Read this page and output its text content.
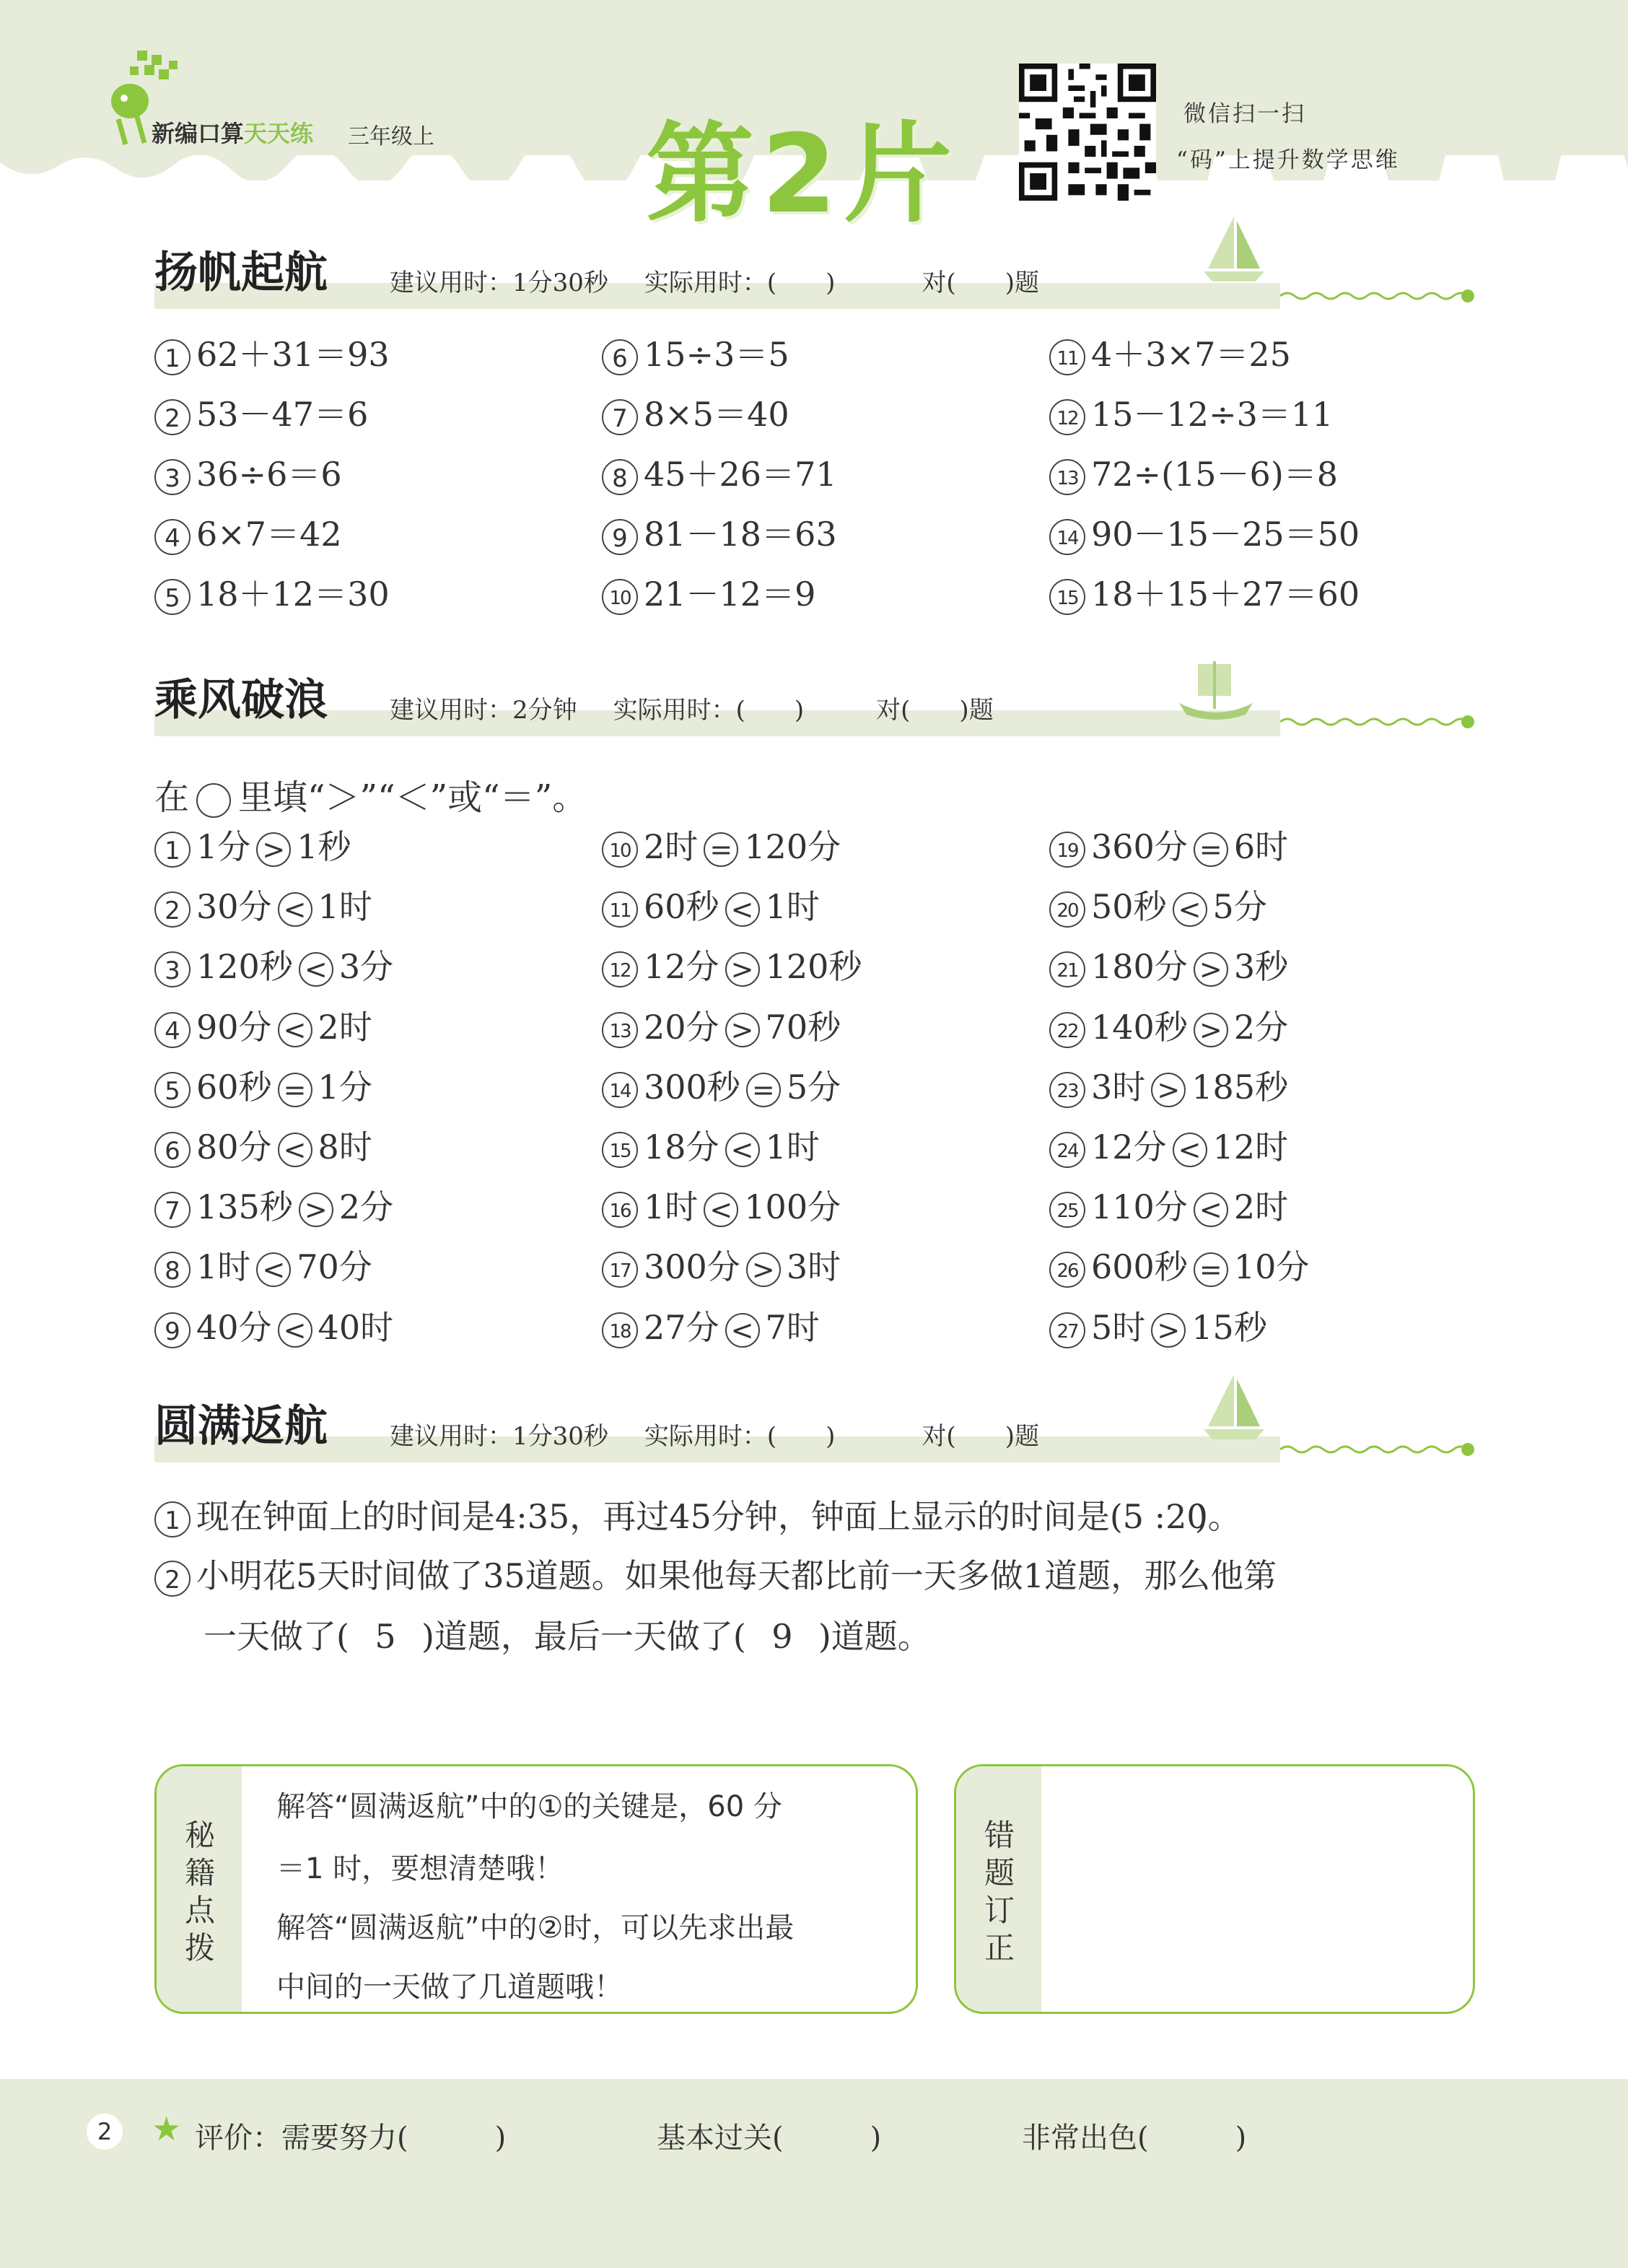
新编口算天天练 三年级上 第2片	微信扫一扫
“码”上提升数学思维
扬帆起航	建议用时：1分30秒 实际用时：(　　)	对(　　)题
1 62＋31＝93
2 53－47＝6
3 36÷6＝6
4 6×7＝42
5 18＋12＝30
6 15÷3＝5
7 8×5＝40
8 45＋26＝71
9 81－18＝63
10 21－12＝9
11 4＋3×7＝25
12 15－12÷3＝11
13 72÷(15－6)＝8
14 90－15－25＝50
15 18＋15＋27＝60
乘风破浪	建议用时：2分钟 实际用时：(　　)	对(　　)题
在 里填“＞”“＜”或“＝”。
1 1分 > 1秒
2 30分 < 1时
3 120秒 < 3分
4 90分 < 2时
5 60秒 = 1分
6 80分 < 8时
7 135秒 > 2分
8 1时 < 70分
9 40分 < 40时
10 2时 = 120分
11 60秒 < 1时
12 12分 > 120秒
13 20分 > 70秒
14 300秒 = 5分
15 18分 < 1时
16 1时 < 100分
17 300分 > 3时
18 27分 < 7时
19 360分 = 6时
20 50秒 < 5分
21 180分 > 3秒
22 140秒 > 2分
23 3时 > 185秒
24 12分 < 12时
25 110分 < 2时
26 600秒 = 10分
27 5时 > 15秒
圆满返航	建议用时：1分30秒 实际用时：(　　)	对(　　)题
1 现在钟面上的时间是4:35，再过45分钟，钟面上显示的时间是(5 :20)。
2 小明花5天时间做了35道题。如果他每天都比前一天多做1道题，那么他第
一天做了( 5 )道题，最后一天做了( 9 )道题。
秘籍点拨
解答“圆满返航”中的①的关键是，60 分
＝1 时，要想清楚哦！
解答“圆满返航”中的②时，可以先求出最
中间的一天做了几道题哦！
错题订正
2	★ 评价：需要努力(　　　)	基本过关(　　　)	非常出色(　　　)
